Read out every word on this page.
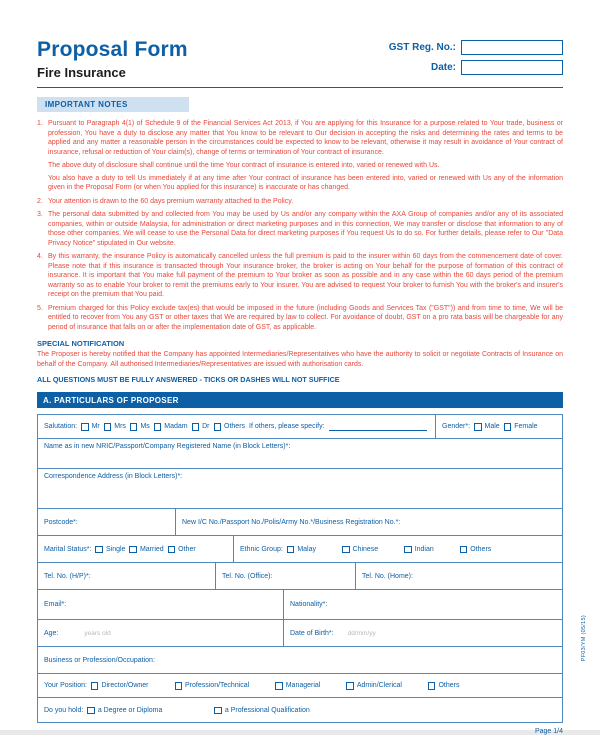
Proposal Form
Fire Insurance
GST Reg. No.:
Date:
IMPORTANT NOTES
1. Pursuant to Paragraph 4(1) of Schedule 9 of the Financial Services Act 2013, if You are applying for this Insurance for a purpose related to Your trade, business or profession, You have a duty to disclose any matter that You know to be relevant to Our decision in accepting the risks and determining the rates and terms to be applied and any matter a reasonable person in the circumstances could be expected to know to be relevant, otherwise it may result in avoidance of Your contract of insurance, refusal or reduction of Your claim(s), change of terms or termination of Your contract of insurance.

The above duty of disclosure shall continue until the time Your contract of insurance is entered into, varied or renewed with Us.

You also have a duty to tell Us immediately if at any time after Your contract of insurance has been entered into, varied or renewed with Us any of the information given in the Proposal Form (or when You applied for this insurance) is inaccurate or has changed.

2. Your attention is drawn to the 60 days premium warranty attached to the Policy.

3. The personal data submitted by and collected from You may be used by Us and/or any company within the AXA Group of companies and/or any of its associated companies, within or outside Malaysia, for administration or direct marketing purposes and in this connection, We may transfer or disclose that information to any of those other companies. We will cease to use the Personal Data for direct marketing purposes if You request Us to do so. For further details, please refer to Our "Data Privacy Notice" stipulated in Our website.

4. By this warranty, the insurance Policy is automatically cancelled unless the full premium is paid to the insurer within 60 days from the commencement date of cover. Please note that if this insurance is transacted through Your insurance broker, the broker is acting on Your behalf for the purpose of formation of this contract of insurance. It is important that You make full payment of the premium to Your broker as soon as possible and in any case within the 60 days period of the premium warranty so as to enable Your broker to remit the premiums early to Your insurer. You are advised to request Your broker to furnish You with the broker's and insurer's receipt on the premium that You paid.

5. Premium charged for this Policy exclude tax(es) that would be imposed in the future (including Goods and Services Tax ("GST")) and from time to time, We will be entitled to recover from You any GST or other taxes that We are required by law to collect. For avoidance of doubt, GST on a pro rata basis will be chargeable for any period of insurance that falls on or after the implementation date of GST, as applicable.

SPECIAL NOTIFICATION
The Proposer is hereby notified that the Company has appointed Intermediaries/Representatives who have the authority to solicit or negotiate Contracts of Insurance on behalf of the Company. All authorised Intermediaries/Representatives are issued with authorisation cards.
ALL QUESTIONS MUST BE FULLY ANSWERED - TICKS OR DASHES WILL NOT SUFFICE
A. PARTICULARS OF PROPOSER
Salutation: Mr Mrs Ms Madam Dr Others If others, please specify:	Gender*: Male Female
Name as in new NRIC/Passport/Company Registered Name (in Block Letters)*:
Correspondence Address (in Block Letters)*:
Postcode*:	New I/C No./Passport No./Polis/Army No.*/Business Registration No.*:
Marital Status*: Single Married Other	Ethnic Group: Malay	Chinese	Indian	Others
Tel. No. (H/P)*:	Tel. No. (Office):	Tel. No. (Home):
Email*:	Nationality*:
Age:	years old	Date of Birth*: dd/mm/yy
Business or Profession/Occupation:
Your Position: Director/Owner	Profession/Technical	Managerial	Admin/Clerical	Others
Do you hold: a Degree or Diploma	a Professional Qualification
Page 1/4
PF03/YM (05/15)
